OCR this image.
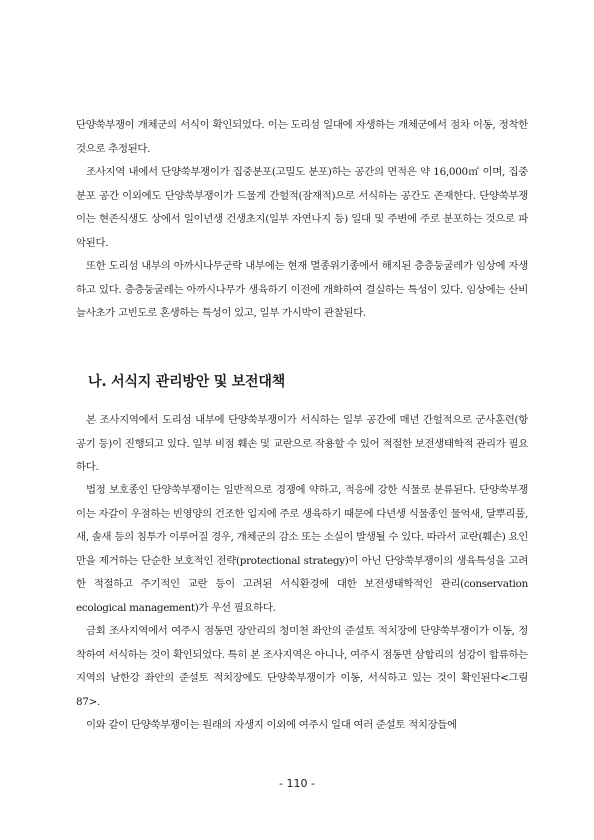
단양쑥부쟁이 개체군의 서식이 확인되었다. 이는 도리섬 일대에 자생하는 개체군에서 점차 이동, 정착한 것으로 추정된다.

조사지역 내에서 단양쑥부쟁이가 집중분포(고밀도 분포)하는 공간의 면적은 약 16,000㎡ 이며, 집중분포 공간 이외에도 단양쑥부쟁이가 드물게 간헐적(잠재적)으로 서식하는 공간도 존재한다. 단양쑥부쟁이는 현존식생도 상에서 일이년생 건생초지(일부 자연나지 등) 일대 및 주변에 주로 분포하는 것으로 파악된다.

또한 도리섬 내부의 아까시나무군락 내부에는 현재 멸종위기종에서 해지된 층층둥굴레가 임상에 자생하고 있다. 층층둥굴레는 아까시나무가 생육하기 이전에 개화하여 결실하는 특성이 있다. 임상에는 산비늘사초가 고빈도로 혼생하는 특성이 있고, 일부 가시박이 관찰된다.

나. 서식지 관리방안 및 보전대책

본 조사지역에서 도리섬 내부에 단양쑥부쟁이가 서식하는 일부 공간에 매년 간헐적으로 군사훈련(항공기 등)이 진행되고 있다. 일부 비점 훼손 및 교란으로 작용할 수 있어 적절한 보전생태학적 관리가 필요하다.

법정 보호종인 단양쑥부쟁이는 일반적으로 경쟁에 약하고, 적응에 강한 식물로 분류된다. 단양쑥부쟁이는 자갈이 우점하는 빈영양의 건조한 입지에 주로 생육하기 때문에 다년생 식물종인 물억새, 달뿌리풀, 새, 솔새 등의 침투가 이루어질 경우, 개체군의 감소 또는 소실이 발생될 수 있다. 따라서 교란(훼손) 요인만을 제거하는 단순한 보호적인 전략(protectional strategy)이 아닌 단양쑥부쟁이의 생육특성을 고려한 적절하고 주기적인 교란 등이 고려된 서식환경에 대한 보전생태학적인 관리(conservation ecological management)가 우선 필요하다.

금회 조사지역에서 여주시 점동면 장안리의 청미천 좌안의 준설토 적치장에 단양쑥부쟁이가 이동, 정착하여 서식하는 것이 확인되었다. 특히 본 조사지역은 아니나, 여주시 점동면 삼합리의 섬강이 합류하는 지역의 남한강 좌안의 준설토 적치장에도 단양쑥부쟁이가 이동, 서식하고 있는 것이 확인된다<그림 87>.

이와 같이 단양쑥부쟁이는 원래의 자생지 이외에 여주시 일대 여러 준설토 적치장들에

- 110 -
